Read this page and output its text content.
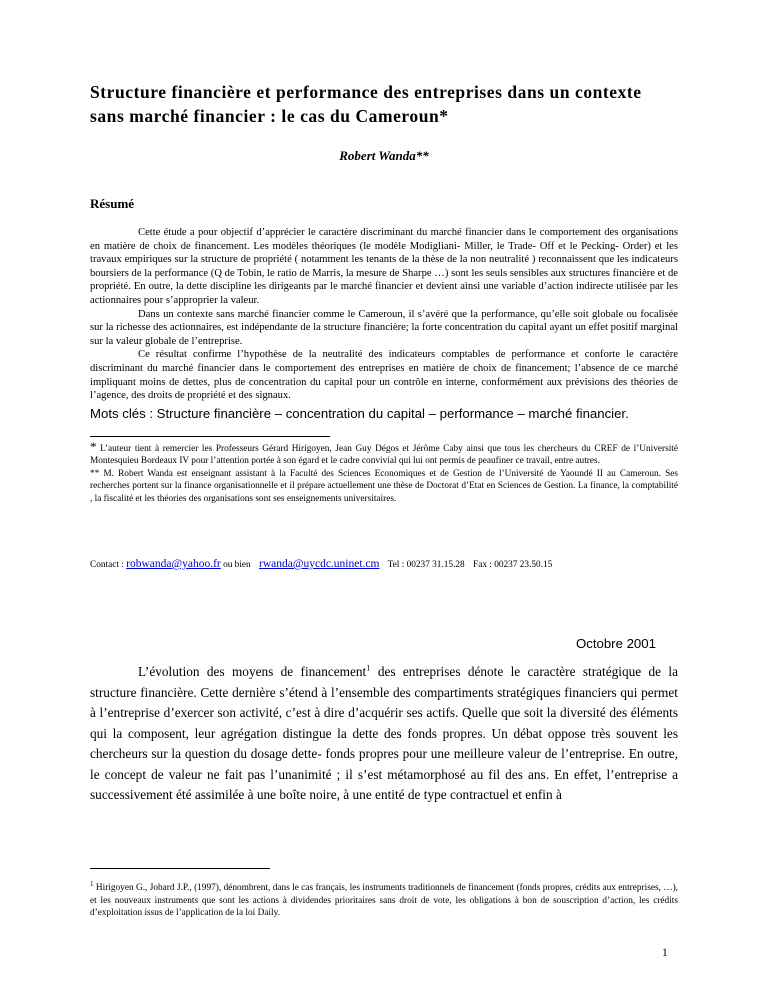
Structure financière et performance des entreprises dans un contexte sans marché financier : le cas du Cameroun*

Robert Wanda**

Résumé

Cette étude a pour objectif d’apprécier le caractère discriminant du marché financier dans le comportement des organisations en matière de choix de financement. Les modèles théoriques (le modèle Modigliani- Miller, le Trade- Off et le Pecking- Order) et les travaux empiriques sur la structure de propriété ( notamment les tenants de la thèse de la non neutralité ) reconnaissent que les indicateurs boursiers de la performance (Q de Tobin, le ratio de Marris, la mesure de Sharpe …) sont les seuls sensibles aux structures financière et de propriété. En outre, la dette discipline les dirigeants par le marché financier et devient ainsi une variable d’action indirecte utilisée par les actionnaires pour s’approprier la valeur.

Dans un contexte sans marché financier comme le Cameroun, il s’avéré que la performance, qu’elle soit globale ou focalisée sur la richesse des actionnaires, est indépendante de la structure financière; la forte concentration du capital ayant un effet positif marginal sur la valeur globale de l’entreprise.

Ce résultat confirme l’hypothèse de la neutralité des indicateurs comptables de performance et conforte le caractère discriminant du marché financier dans le comportement des entreprises en matière de choix de financement; l’absence de ce marché impliquant moins de dettes, plus de concentration du capital pour un contrôle en interne, conformément aux prévisions des théories de l’agence, des droits de propriété et des signaux.

Mots clés : Structure financière – concentration du capital – performance – marché financier.

* L’auteur tient à remercier les Professeurs Gérard Hirigoyen, Jean Guy Dégos et Jérôme Caby ainsi que tous les chercheurs du CREF de l’Université Montesquieu Bordeaux IV pour l’attention portée à son égard et le cadre convivial qui lui ont permis de peaufiner ce travail, entre autres.

** M. Robert Wanda est enseignant assistant à la Faculté des Sciences Economiques et de Gestion de l’Université de Yaoundé II au Cameroun. Ses recherches portent sur la finance organisationnelle et il prépare actuellement une thèse de Doctorat d’Etat en Sciences de Gestion. La finance, la comptabilité , la fiscalité et les théories des organisations sont ses enseignements universitaires.

Contact : robwanda@yahoo.fr ou bien rwanda@uycdc.uninet.cm Tel : 00237 31.15.28 Fax : 00237 23.50.15

Octobre 2001

L’évolution des moyens de financement$^1$ des entreprises dénote le caractère stratégique de la structure financière. Cette dernière s’étend à l’ensemble des compartiments stratégiques financiers qui permet à l’entreprise d’exercer son activité, c’est à dire d’acquérir ses actifs. Quelle que soit la diversité des éléments qui la composent, leur agrégation distingue la dette des fonds propres. Un débat oppose très souvent les chercheurs sur la question du dosage dette- fonds propres pour une meilleure valeur de l’entreprise. En outre, le concept de valeur ne fait pas l’unanimité ; il s’est métamorphosé au fil des ans. En effet, l’entreprise a successivement été assimilée à une boîte noire, à une entité de type contractuel et enfin à

$^1$ Hirigoyen G., Jobard J.P., (1997), dénombrent, dans le cas français, les instruments traditionnels de financement (fonds propres, crédits aux entreprises, …), et les nouveaux instruments que sont les actions à dividendes prioritaires sans droit de vote, les obligations à bon de souscription d’action, les crédits d’exploitation issus de l’application de la loi Daily.

1
